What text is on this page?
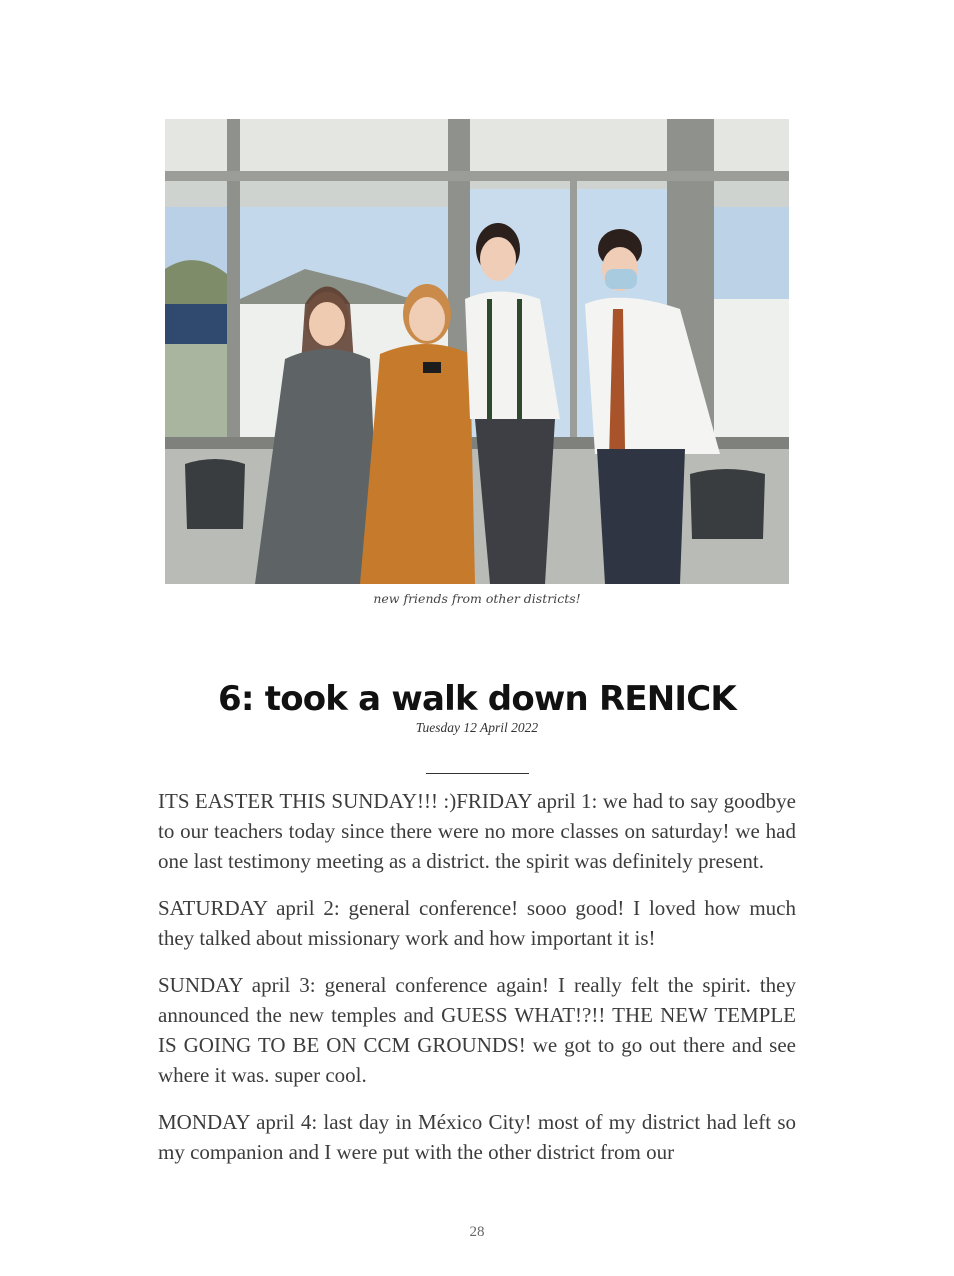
new friends from other districts!
6: took a walk down RENICK
Tuesday 12 April 2022

ITS EASTER THIS SUNDAY!!! :)FRIDAY april 1: we had to say goodbye to our teachers today since there were no more classes on saturday! we had one last testimony meeting as a district. the spirit was definitely present.

SATURDAY april 2: general conference! sooo good! I loved how much they talked about missionary work and how important it is!

SUNDAY april 3: general conference again! I really felt the spirit. they announced the new temples and GUESS WHAT!?!! THE NEW TEMPLE IS GOING TO BE ON CCM GROUNDS! we got to go out there and see where it was. super cool.

MONDAY april 4: last day in México City! most of my district had left so my companion and I were put with the other district from our

28
